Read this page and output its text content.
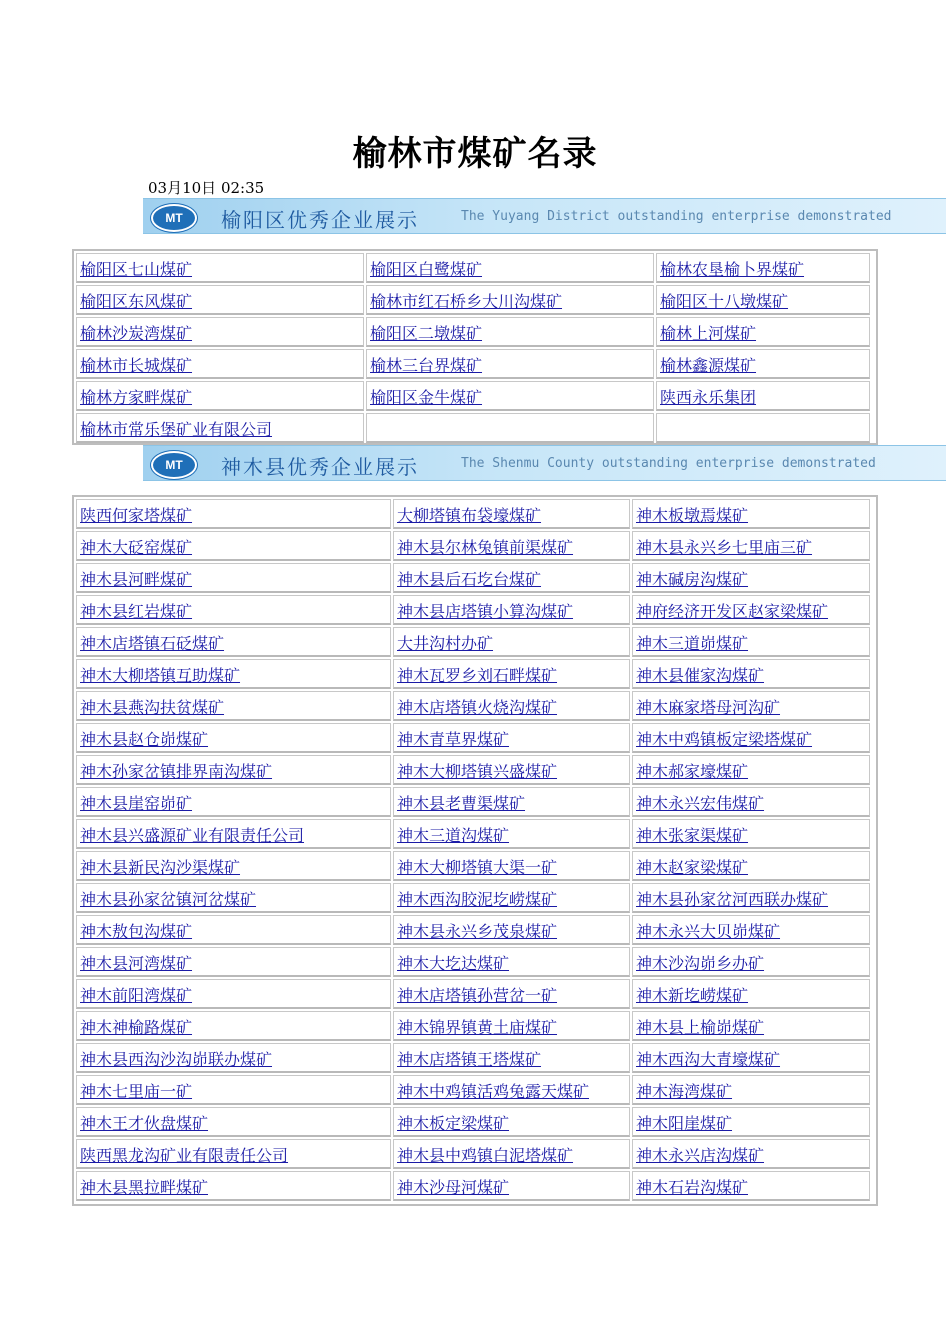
榆林市煤矿名录
03月10日 02:35
MT	榆阳区优秀企业展示	The Yuyang District outstanding enterprise demonstrated
榆阳区七山煤矿	榆阳区白鹭煤矿	榆林农垦榆卜界煤矿
榆阳区东风煤矿	榆林市红石桥乡大川沟煤矿	榆阳区十八墩煤矿
榆林沙炭湾煤矿	榆阳区二墩煤矿	榆林上河煤矿
榆林市长城煤矿	榆林三台界煤矿	榆林鑫源煤矿
榆林方家畔煤矿	榆阳区金牛煤矿	陕西永乐集团
榆林市常乐堡矿业有限公司
MT	神木县优秀企业展示	The Shenmu County outstanding enterprise demonstrated
陕西何家塔煤矿	大柳塔镇布袋壕煤矿	神木板墩焉煤矿
神木大砭窑煤矿	神木县尔林兔镇前渠煤矿	神木县永兴乡七里庙三矿
神木县河畔煤矿	神木县后石圪台煤矿	神木碱房沟煤矿
神木县红岩煤矿	神木县店塔镇小算沟煤矿	神府经济开发区赵家梁煤矿
神木店塔镇石砭煤矿	大井沟村办矿	神木三道峁煤矿
神木大柳塔镇互助煤矿	神木瓦罗乡刘石畔煤矿	神木县催家沟煤矿
神木县燕沟扶贫煤矿	神木店塔镇火烧沟煤矿	神木麻家塔母河沟矿
神木县赵仓峁煤矿	神木青草界煤矿	神木中鸡镇板定梁塔煤矿
神木孙家岔镇排界南沟煤矿	神木大柳塔镇兴盛煤矿	神木郝家壕煤矿
神木县崖窑峁矿	神木县老曹渠煤矿	神木永兴宏伟煤矿
神木县兴盛源矿业有限责任公司	神木三道沟煤矿	神木张家渠煤矿
神木县新民沟沙渠煤矿	神木大柳塔镇大渠一矿	神木赵家梁煤矿
神木县孙家岔镇河岔煤矿	神木西沟胶泥圪崂煤矿	神木县孙家岔河西联办煤矿
神木敖包沟煤矿	神木县永兴乡茂泉煤矿	神木永兴大贝峁煤矿
神木县河湾煤矿	神木大圪达煤矿	神木沙沟峁乡办矿
神木前阳湾煤矿	神木店塔镇孙营岔一矿	神木新圪崂煤矿
神木神榆路煤矿	神木锦界镇黄土庙煤矿	神木县上榆峁煤矿
神木县西沟沙沟峁联办煤矿	神木店塔镇王塔煤矿	神木西沟大青壕煤矿
神木七里庙一矿	神木中鸡镇活鸡兔露天煤矿	神木海湾煤矿
神木王才伙盘煤矿	神木板定梁煤矿	神木阳崖煤矿
陕西黑龙沟矿业有限责任公司	神木县中鸡镇白泥塔煤矿	神木永兴店沟煤矿
神木县黑拉畔煤矿	神木沙母河煤矿	神木石岩沟煤矿
